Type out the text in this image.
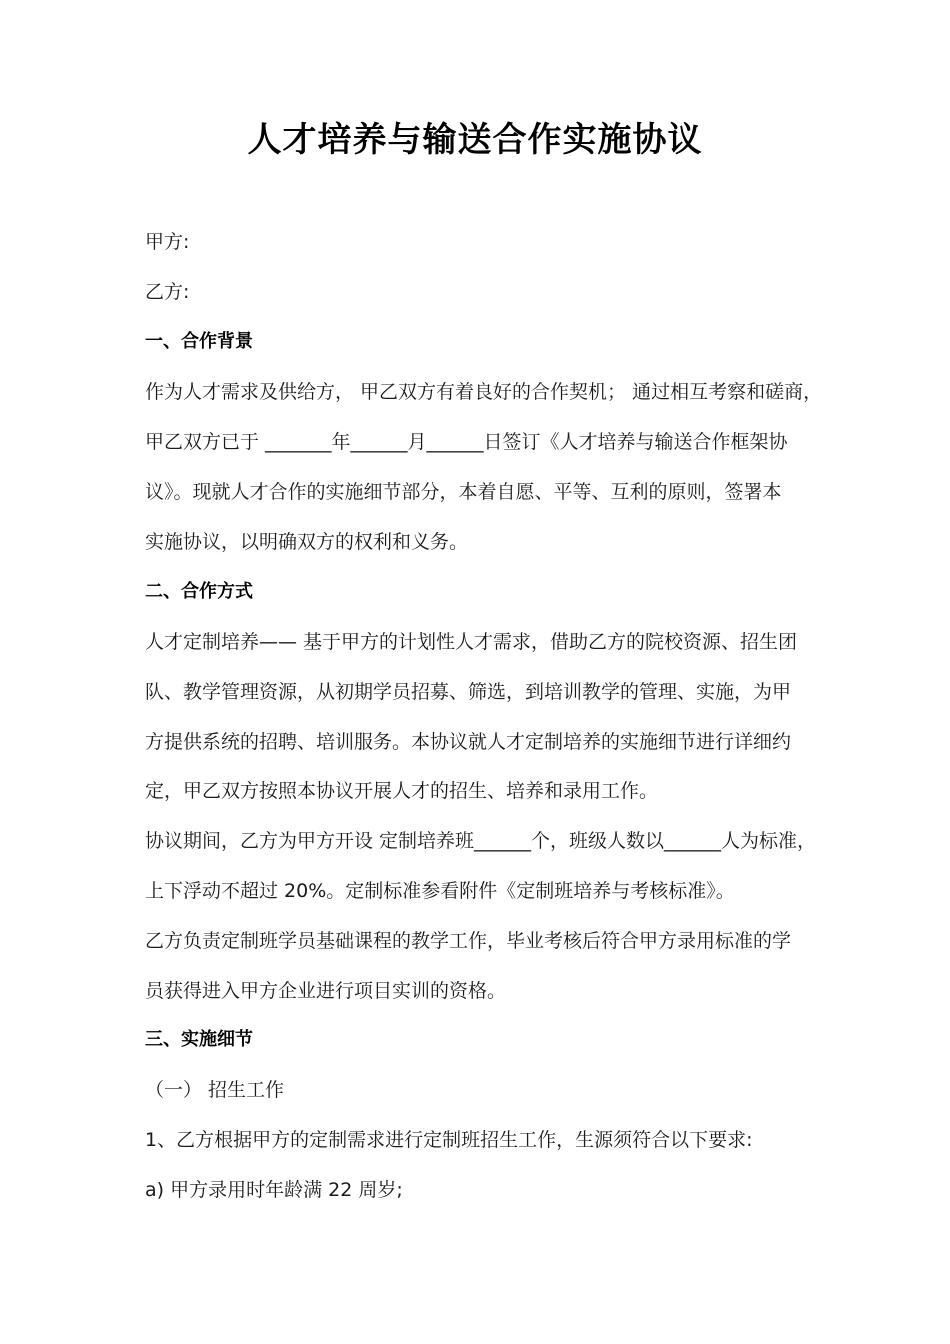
人才培养与输送合作实施协议
甲方:
乙方:
一、合作背景
作为人才需求及供给方， 甲乙双方有着良好的合作契机； 通过相互考察和磋商，
甲乙双方已于 _______年______月______日签订《人才培养与输送合作框架协
议》。现就人才合作的实施细节部分，本着自愿、平等、互利的原则，签署本
实施协议，以明确双方的权利和义务。
二、合作方式
人才定制培养—— 基于甲方的计划性人才需求，借助乙方的院校资源、招生团
队、教学管理资源，从初期学员招募、筛选，到培训教学的管理、实施，为甲
方提供系统的招聘、培训服务。本协议就人才定制培养的实施细节进行详细约
定，甲乙双方按照本协议开展人才的招生、培养和录用工作。
协议期间，乙方为甲方开设 定制培养班______个，班级人数以______人为标准，
上下浮动不超过 20%。定制标准参看附件《定制班培养与考核标准》。
乙方负责定制班学员基础课程的教学工作，毕业考核后符合甲方录用标准的学
员获得进入甲方企业进行项目实训的资格。
三、实施细节
（一） 招生工作
1、乙方根据甲方的定制需求进行定制班招生工作，生源须符合以下要求:
a) 甲方录用时年龄满 22 周岁;
